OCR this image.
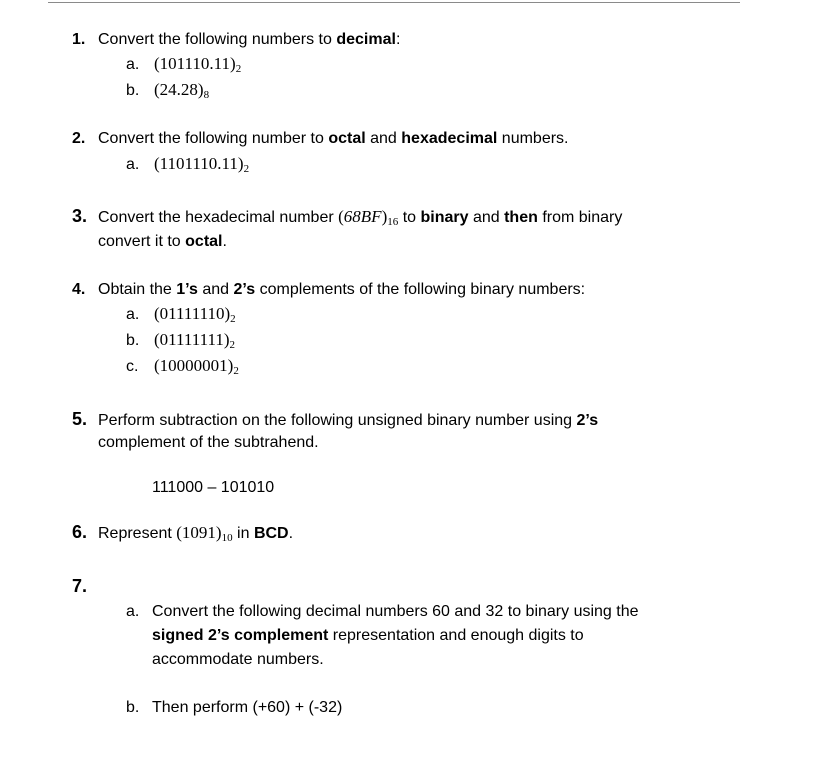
1. Convert the following numbers to decimal:
a. $(101110.11)_2$
b. $(24.28)_8$
2. Convert the following number to octal and hexadecimal numbers.
a. $(1101110.11)_2$
3. Convert the hexadecimal number $(68BF)_{16}$ to binary and then from binary
convert it to octal.
4. Obtain the 1’s and 2’s complements of the following binary numbers:
a. $(01111110)_2$
b. $(01111111)_2$
c. $(10000001)_2$
5. Perform subtraction on the following unsigned binary number using 2’s
complement of the subtrahend.
111000 – 101010
6. Represent $(1091)_{10}$ in BCD.
7.
a. Convert the following decimal numbers 60 and 32 to binary using the
signed 2’s complement representation and enough digits to
accommodate numbers.
b. Then perform (+60) + (-32)
